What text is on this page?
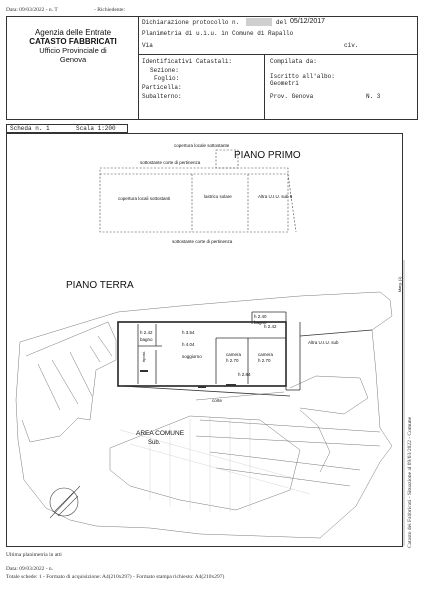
Data: 09/03/2022 - n. T	- Richiedente:
Agenzia delle Entrate
CATASTO FABBRICATI
Ufficio Provinciale di
Genova
Dichiarazione protocollo n.	del 05/12/2017
Planimetria di u.i.u. in Comune di Rapallo
Via	civ.
Identificativi Catastali:
Sezione:
Foglio:
Particella:
Subalterno:
Compilata da:
Iscritto all'albo:
Geometri
Prov. Genova	N. 3
Scheda n. 1	Scala 1:200
PIANO PRIMO
copertura locale sottostante
sottostante corte di pertinenza
copertura locali sottostanti	lastrico solare	Altra U.I.U. sub 6
sottostante corte di pertinenza
PIANO TERRA
h 2.42
bagno
h 3.54
h 2.40
bagno
h 2.42
h 4.04
soggiorno
ripost.	camera
h 2.70
camera
h 2.70
h 2.84
Altra U.I.U. sub
corte
AREA COMUNE
Sub.
Marg. (1)
Catasto dei Fabbricati - Situazione al 09/03/2022 - Comune
Ultima planimetria in atti
Data: 09/03/2022 - n.
Totale schede: 1 - Formato di acquisizione: A4(210x297) - Formato stampa richiesto: A4(210x297)
